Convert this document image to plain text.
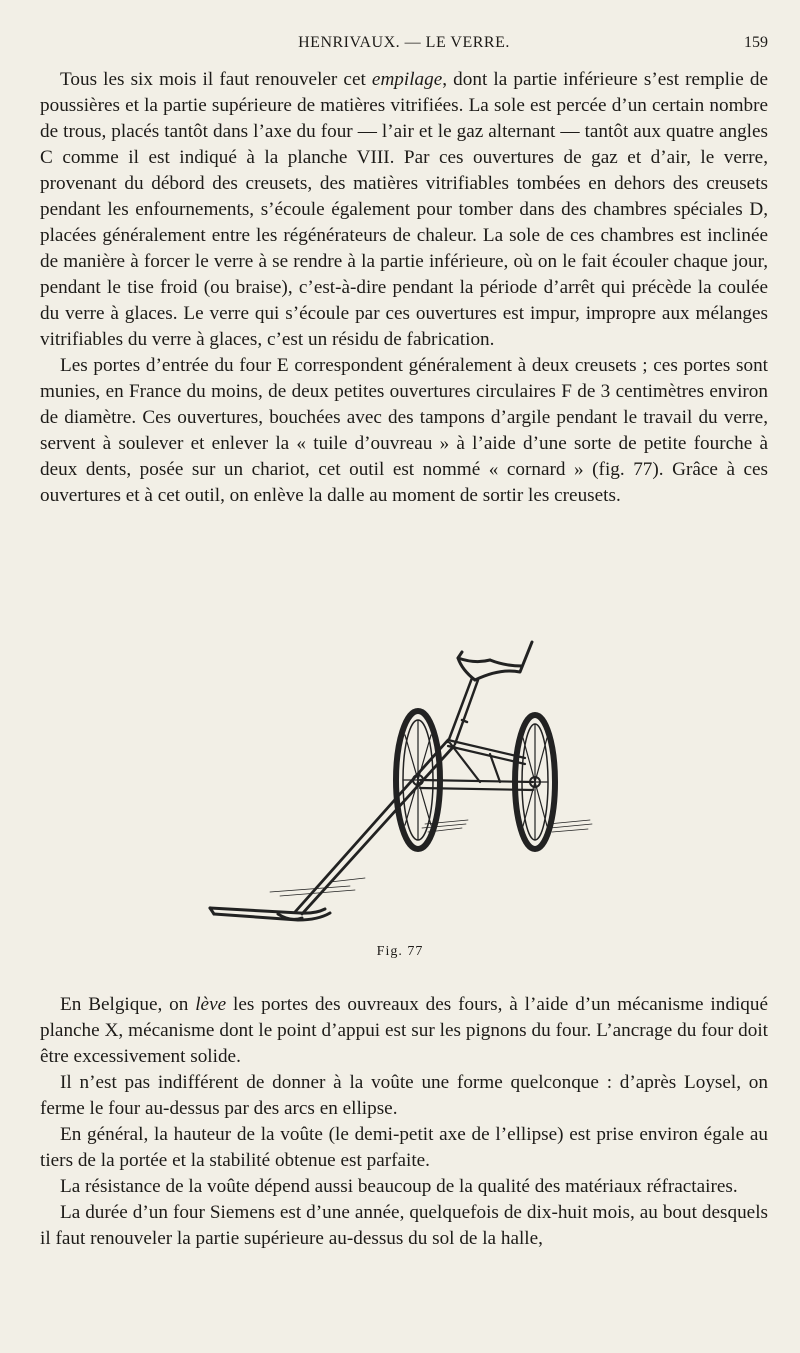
HENRIVAUX. — LE VERRE.	159

Tous les six mois il faut renouveler cet empilage, dont la partie inférieure s’est remplie de poussières et la partie supérieure de matières vitrifiées. La sole est percée d’un certain nombre de trous, placés tantôt dans l’axe du four — l’air et le gaz alternant — tantôt aux quatre angles C comme il est indiqué à la planche VIII. Par ces ouvertures de gaz et d’air, le verre, provenant du débord des creusets, des matières vitrifiables tombées en dehors des creusets pendant les enfournements, s’écoule également pour tomber dans des chambres spéciales D, placées généralement entre les régénérateurs de chaleur. La sole de ces chambres est inclinée de manière à forcer le verre à se rendre à la partie inférieure, où on le fait écouler chaque jour, pendant le tise froid (ou braise), c’est-à-dire pendant la période d’arrêt qui précède la coulée du verre à glaces. Le verre qui s’écoule par ces ouvertures est impur, impropre aux mélanges vitrifiables du verre à glaces, c’est un résidu de fabrication.

Les portes d’entrée du four E correspondent généralement à deux creusets ; ces portes sont munies, en France du moins, de deux petites ouvertures circulaires F de 3 centimètres environ de diamètre. Ces ouvertures, bouchées avec des tampons d’argile pendant le travail du verre, servent à soulever et enlever la « tuile d’ouvreau » à l’aide d’une sorte de petite fourche à deux dents, posée sur un chariot, cet outil est nommé « cornard » (fig. 77). Grâce à ces ouvertures et à cet outil, on enlève la dalle au moment de sortir les creusets.

Fig. 77

En Belgique, on lève les portes des ouvreaux des fours, à l’aide d’un mécanisme indiqué planche X, mécanisme dont le point d’appui est sur les pignons du four. L’ancrage du four doit être excessivement solide.

Il n’est pas indifférent de donner à la voûte une forme quelconque : d’après Loysel, on ferme le four au-dessus par des arcs en ellipse.

En général, la hauteur de la voûte (le demi-petit axe de l’ellipse) est prise environ égale au tiers de la portée et la stabilité obtenue est parfaite.

La résistance de la voûte dépend aussi beaucoup de la qualité des matériaux réfractaires.

La durée d’un four Siemens est d’une année, quelquefois de dix-huit mois, au bout desquels il faut renouveler la partie supérieure au-dessus du sol de la halle,
